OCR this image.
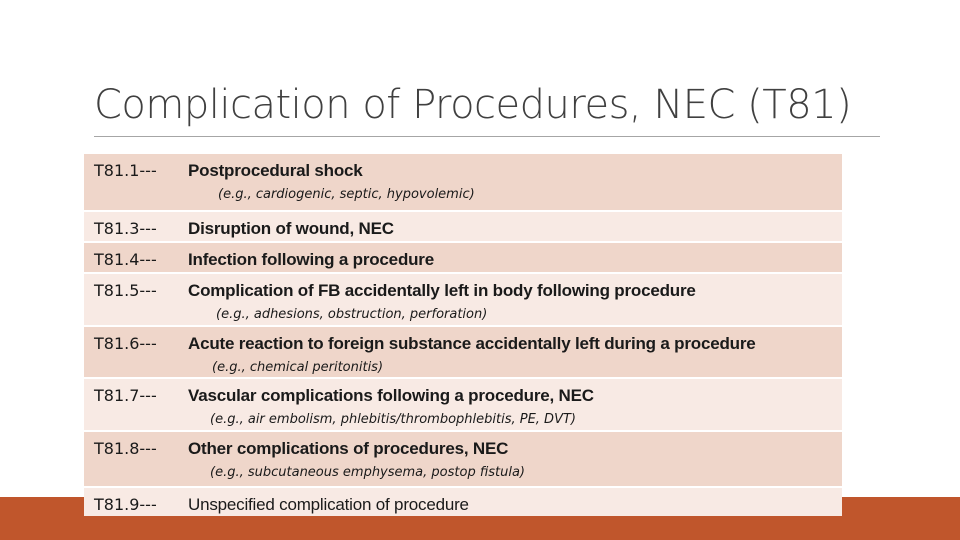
Complication of Procedures, NEC (T81)
T81.1--- Postprocedural shock
(e.g., cardiogenic, septic, hypovolemic)
T81.3--- Disruption of wound, NEC
T81.4--- Infection following a procedure
T81.5--- Complication of FB accidentally left in body following procedure
(e.g., adhesions, obstruction, perforation)
T81.6--- Acute reaction to foreign substance accidentally left during a procedure
(e.g., chemical peritonitis)
T81.7--- Vascular complications following a procedure, NEC
(e.g., air embolism, phlebitis/thrombophlebitis, PE, DVT)
T81.8--- Other complications of procedures, NEC
(e.g., subcutaneous emphysema, postop fistula)
T81.9--- Unspecified complication of procedure
